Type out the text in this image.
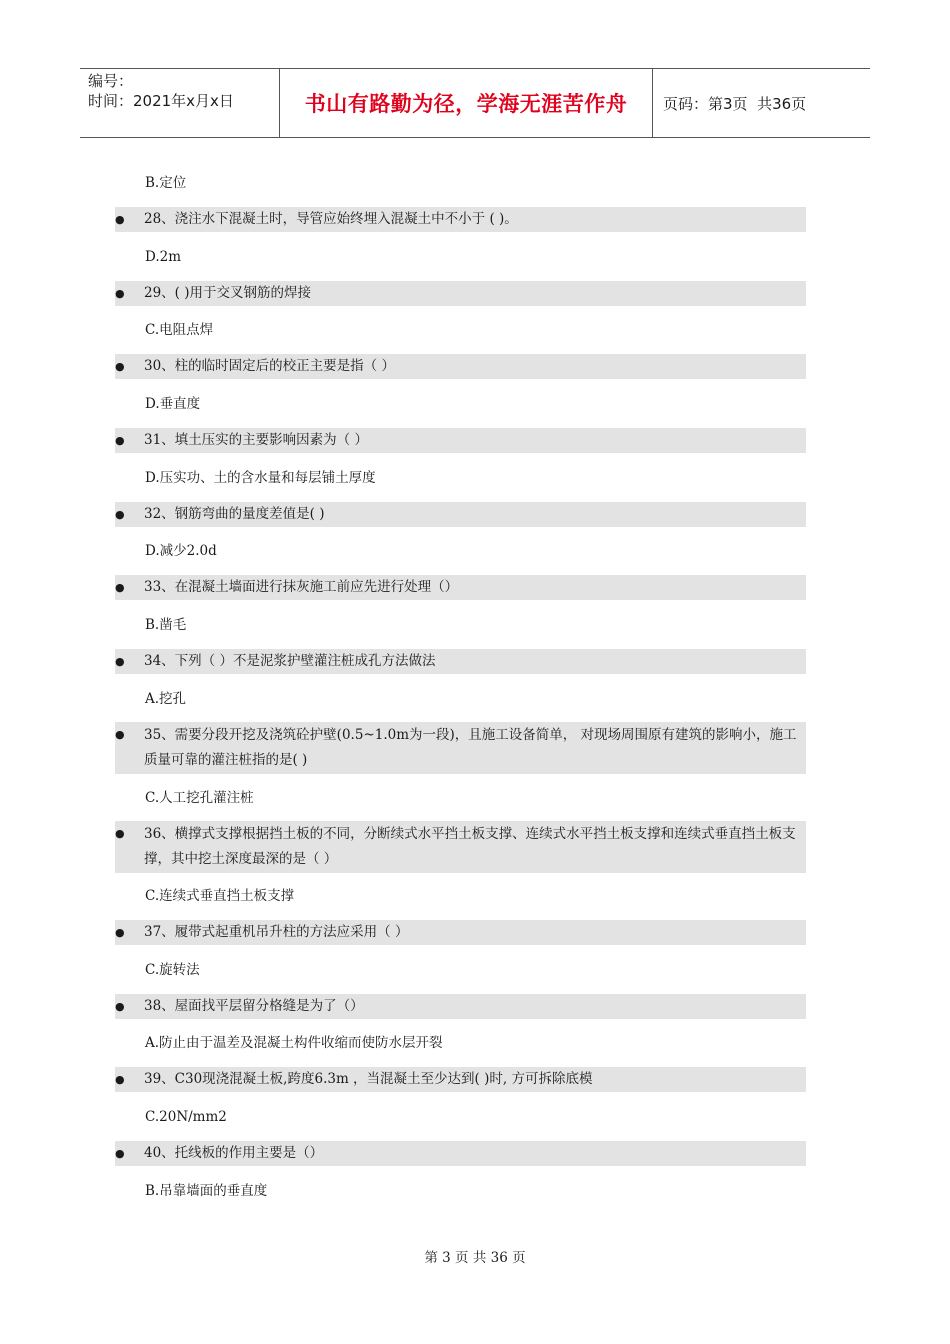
编号：
时间：2021年x月x日	书山有路勤为径，学海无涯苦作舟	页码：第3页  共36页
B.定位
● 28、浇注水下混凝土时，导管应始终埋入混凝土中不小于 ( )。
D.2m
● 29、( )用于交叉钢筋的焊接
C.电阻点焊
● 30、柱的临时固定后的校正主要是指（ ）
D.垂直度
● 31、填土压实的主要影响因素为（ ）
D.压实功、土的含水量和每层铺土厚度
● 32、钢筋弯曲的量度差值是( )
D.减少2.0d
● 33、在混凝土墙面进行抹灰施工前应先进行处理（）
B.凿毛
● 34、下列（ ）不是泥浆护壁灌注桩成孔方法做法
A.挖孔
● 35、需要分段开挖及浇筑砼护壁(0.5~1.0m为一段)，且施工设备简单， 对现场周围原有建筑的影响小，施工质量可靠的灌注桩指的是( )
C.人工挖孔灌注桩
● 36、横撑式支撑根据挡土板的不同，分断续式水平挡土板支撑、连续式水平挡土板支撑和连续式垂直挡土板支撑，其中挖土深度最深的是（ ）
C.连续式垂直挡土板支撑
● 37、履带式起重机吊升柱的方法应采用（ ）
C.旋转法
● 38、屋面找平层留分格缝是为了（）
A.防止由于温差及混凝土构件收缩而使防水层开裂
● 39、C30现浇混凝土板,跨度6.3m ，当混凝土至少达到( )时, 方可拆除底模
C.20N/mm2
● 40、托线板的作用主要是（）
B.吊靠墙面的垂直度
第 3 页 共 36 页
